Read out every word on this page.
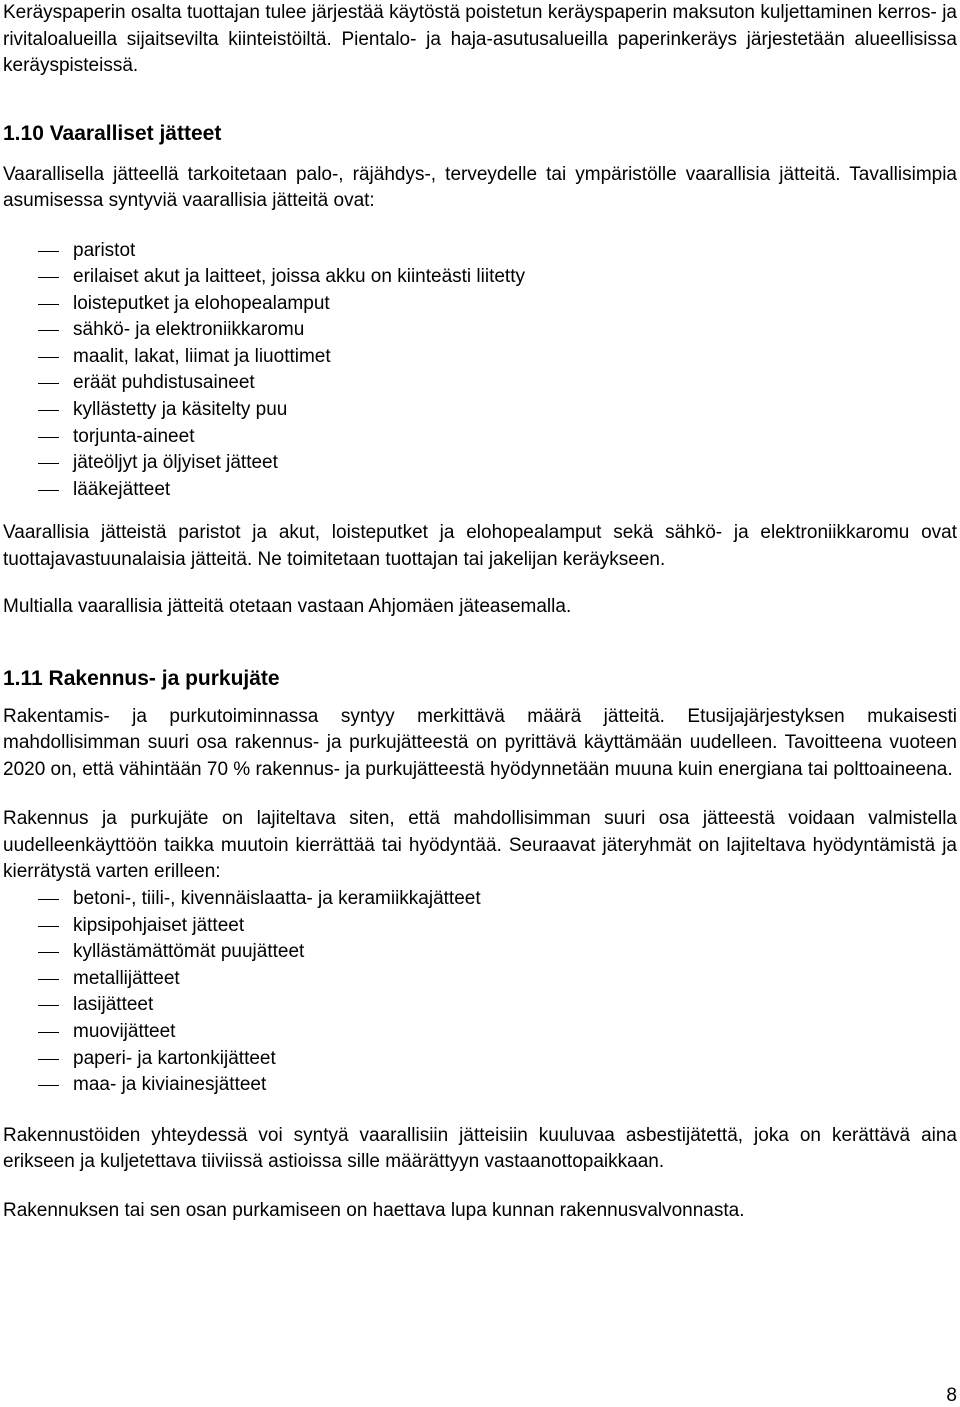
Keräyspaperin osalta tuottajan tulee järjestää käytöstä poistetun keräyspaperin maksuton kuljettaminen kerros- ja rivitaloalueilla sijaitsevilta kiinteistöiltä. Pientalo- ja haja-asutusalueilla paperinkeräys järjestetään alueellisissa keräyspisteissä.

1.10 Vaaralliset jätteet

Vaarallisella jätteellä tarkoitetaan palo-, räjähdys-, terveydelle tai ympäristölle vaarallisia jätteitä. Tavallisimpia asumisessa syntyviä vaarallisia jätteitä ovat:

paristot
erilaiset akut ja laitteet, joissa akku on kiinteästi liitetty
loisteputket ja elohopealamput
sähkö- ja elektroniikkaromu
maalit, lakat, liimat ja liuottimet
eräät puhdistusaineet
kyllästetty ja käsitelty puu
torjunta-aineet
jäteöljyt ja öljyiset jätteet
lääkejätteet

Vaarallisia jätteistä paristot ja akut, loisteputket ja elohopealamput sekä sähkö- ja elektroniikkaromu ovat tuottajavastuunalaisia jätteitä. Ne toimitetaan tuottajan tai jakelijan keräykseen.

Multialla vaarallisia jätteitä otetaan vastaan Ahjomäen jäteasemalla.

1.11 Rakennus- ja purkujäte

Rakentamis- ja purkutoiminnassa syntyy merkittävä määrä jätteitä. Etusijajärjestyksen mukaisesti mahdollisimman suuri osa rakennus- ja purkujätteestä on pyrittävä käyttämään uudelleen. Tavoitteena vuoteen 2020 on, että vähintään 70 % rakennus- ja purkujätteestä hyödynnetään muuna kuin energiana tai polttoaineena.

Rakennus ja purkujäte on lajiteltava siten, että mahdollisimman suuri osa jätteestä voidaan valmistella uudelleenkäyttöön taikka muutoin kierrättää tai hyödyntää. Seuraavat jäteryhmät on lajiteltava hyödyntämistä ja kierrätystä varten erilleen:

betoni-, tiili-, kivennäislaatta- ja keramiikkajätteet
kipsipohjaiset jätteet
kyllästämättömät puujätteet
metallijätteet
lasijätteet
muovijätteet
paperi- ja kartonkijätteet
maa- ja kiviainesjätteet

Rakennustöiden yhteydessä voi syntyä vaarallisiin jätteisiin kuuluvaa asbestijätettä, joka on kerättävä aina erikseen ja kuljetettava tiiviissä astioissa sille määrättyyn vastaanottopaikkaan.

Rakennuksen tai sen osan purkamiseen on haettava lupa kunnan rakennusvalvonnasta.

8
